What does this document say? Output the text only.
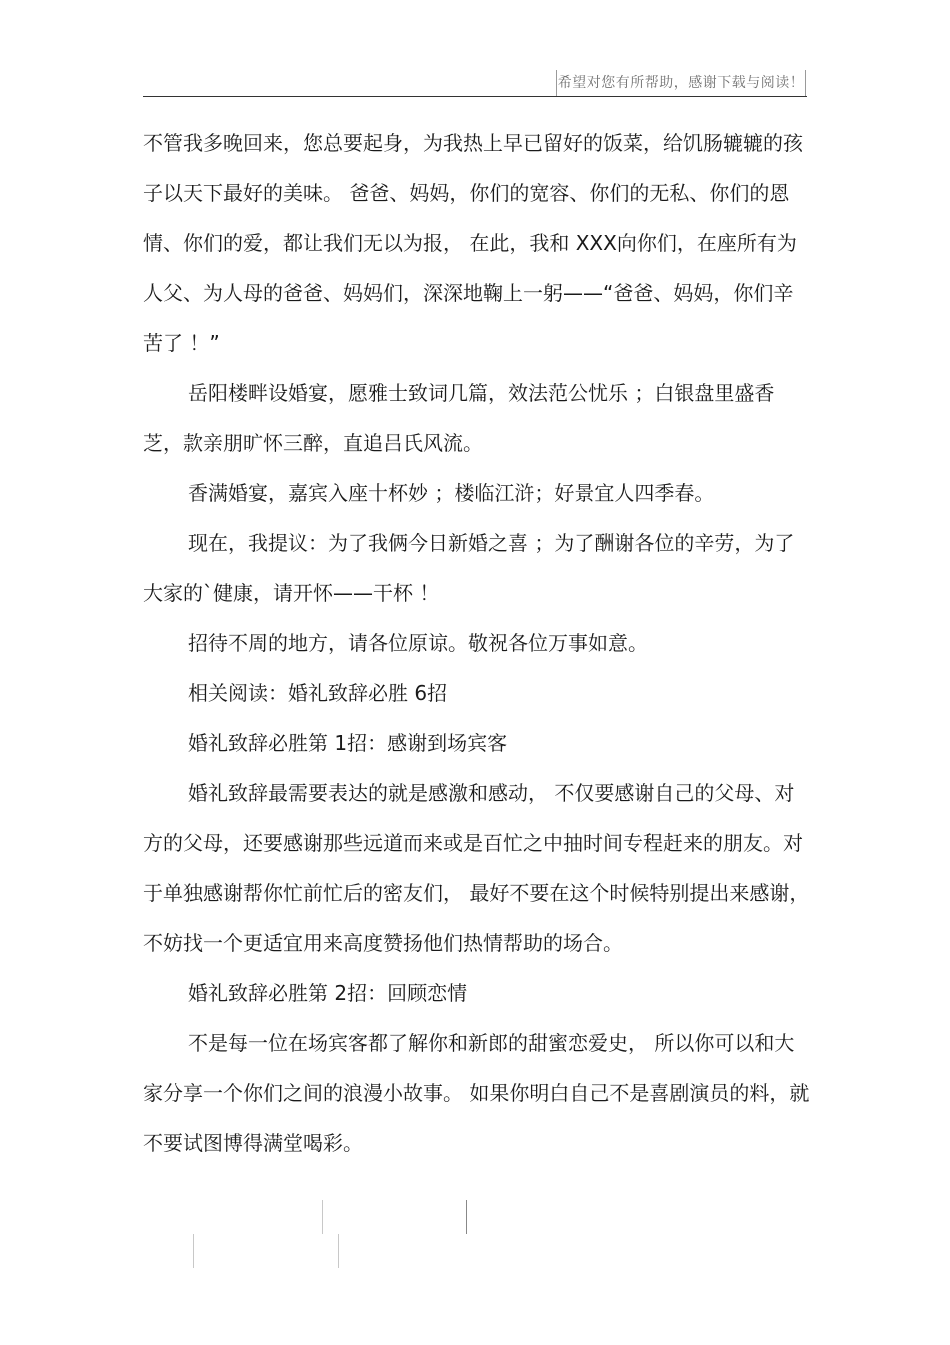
希望对您有所帮助，感谢下载与阅读！

不管我多晚回来，您总要起身，为我热上早已留好的饭菜，给饥肠辘辘的孩子以天下最好的美味。 爸爸、妈妈，你们的宽容、你们的无私、你们的恩情、你们的爱，都让我们无以为报， 在此，我和 XXX向你们，在座所有为人父、为人母的爸爸、妈妈们，深深地鞠上一躬——“爸爸、妈妈，你们辛苦了 ！”

岳阳楼畔设婚宴，愿雅士致词几篇，效法范公忧乐 ；白银盘里盛香芝，款亲朋旷怀三醉，直追吕氏风流。

香满婚宴，嘉宾入座十杯妙 ；楼临江浒；好景宜人四季春。

现在，我提议：为了我俩今日新婚之喜 ；为了酬谢各位的辛劳，为了大家的`健康，请开怀——干杯 ！

招待不周的地方，请各位原谅。敬祝各位万事如意。

相关阅读：婚礼致辞必胜 6招

婚礼致辞必胜第 1招：感谢到场宾客

婚礼致辞最需要表达的就是感激和感动， 不仅要感谢自己的父母、对方的父母，还要感谢那些远道而来或是百忙之中抽时间专程赶来的朋友。对于单独感谢帮你忙前忙后的密友们， 最好不要在这个时候特别提出来感谢，不妨找一个更适宜用来高度赞扬他们热情帮助的场合。

婚礼致辞必胜第 2招：回顾恋情

不是每一位在场宾客都了解你和新郎的甜蜜恋爱史， 所以你可以和大家分享一个你们之间的浪漫小故事。 如果你明白自己不是喜剧演员的料，就不要试图博得满堂喝彩。
